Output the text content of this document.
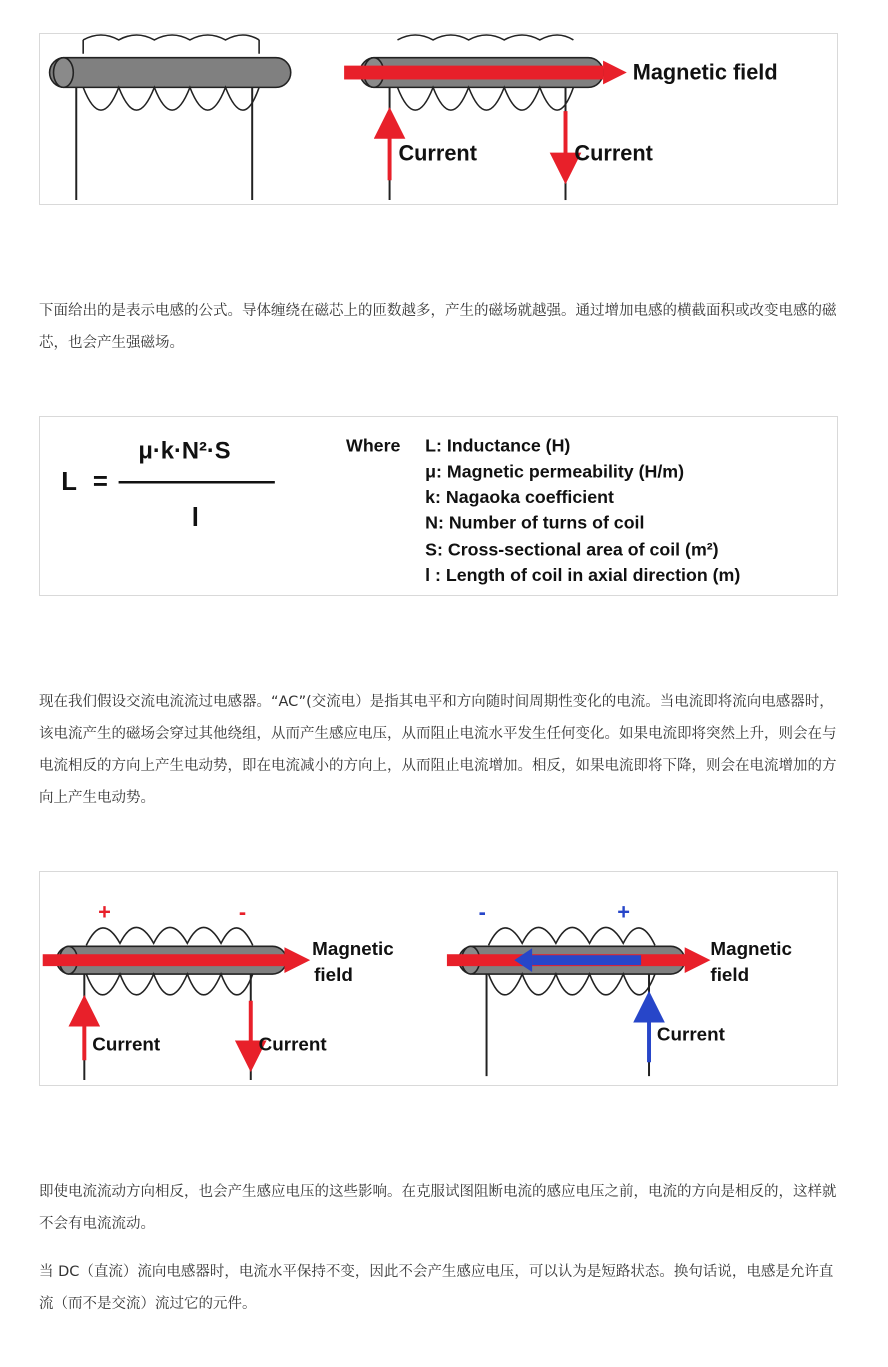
Magnetic field
Current	Current

下面给出的是表示电感的公式。导体缠绕在磁芯上的匝数越多，产生的磁场就越强。通过增加电感的横截面积或改变电感的磁芯，也会产生强磁场。

L =
μ·k·N²·S
l
Where L: Inductance (H)
μ: Magnetic permeability (H/m)
k: Nagaoka coefficient
N: Number of turns of coil
S: Cross-sectional area of coil (m²)
l : Length of coil in axial direction (m)

现在我们假设交流电流流过电感器。“AC”(交流电）是指其电平和方向随时间周期性变化的电流。当电流即将流向电感器时，该电流产生的磁场会穿过其他绕组，从而产生感应电压，从而阻止电流水平发生任何变化。如果电流即将突然上升，则会在与电流相反的方向上产生电动势，即在电流减小的方向上，从而阻止电流增加。相反，如果电流即将下降，则会在电流增加的方向上产生电动势。

+	-
Magnetic
field
Current	Current
-	+
Magnetic
field
Current

即使电流流动方向相反，也会产生感应电压的这些影响。在克服试图阻断电流的感应电压之前，电流的方向是相反的，这样就不会有电流流动。

当 DC（直流）流向电感器时，电流水平保持不变，因此不会产生感应电压，可以认为是短路状态。换句话说，电感是允许直流（而不是交流）流过它的元件。
